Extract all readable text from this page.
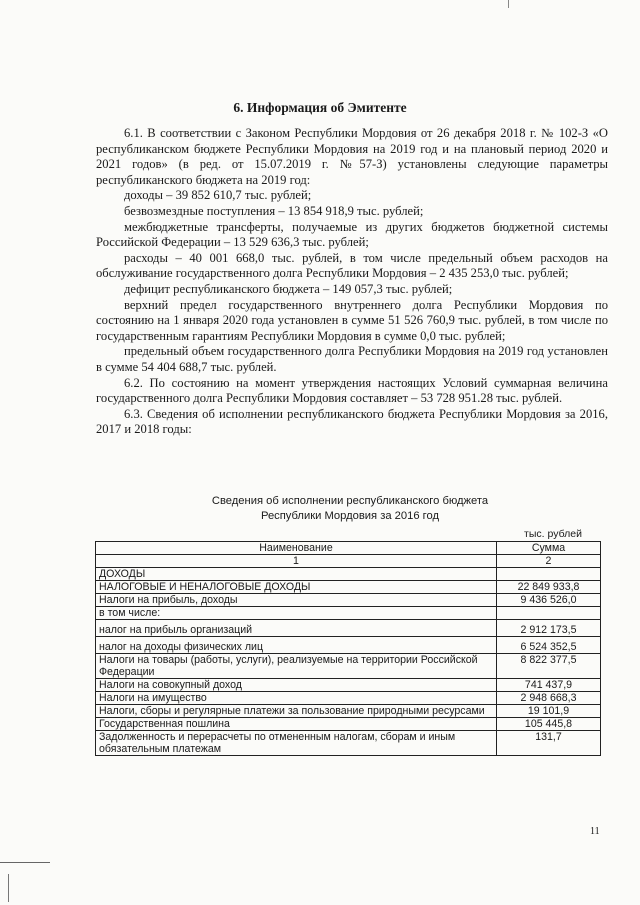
6. Информация об Эмитенте

6.1. В соответствии с Законом Республики Мордовия от 26 декабря 2018 г. № 102-З «О республиканском бюджете Республики Мордовия на 2019 год и на плановый период 2020 и 2021 годов» (в ред. от 15.07.2019 г. №57-З) установлены следующие параметры республиканского бюджета на 2019 год:

доходы – 39 852 610,7 тыс. рублей;

безвозмездные поступления – 13 854 918,9 тыс. рублей;

межбюджетные трансферты, получаемые из других бюджетов бюджетной системы Российской Федерации – 13 529 636,3 тыс. рублей;

расходы – 40 001 668,0 тыс. рублей, в том числе предельный объем расходов на обслуживание государственного долга Республики Мордовия – 2 435 253,0 тыс. рублей;

дефицит республиканского бюджета – 149 057,3 тыс. рублей;

верхний предел государственного внутреннего долга Республики Мордовия по состоянию на 1 января 2020 года установлен в сумме 51 526 760,9 тыс. рублей, в том числе по государственным гарантиям Республики Мордовия в сумме 0,0 тыс. рублей;

предельный объем государственного долга Республики Мордовия на 2019 год установлен в сумме 54 404 688,7 тыс. рублей.

6.2. По состоянию на момент утверждения настоящих Условий суммарная величина государственного долга Республики Мордовия составляет – 53 728 951.28 тыс. рублей.

6.3. Сведения об исполнении республиканского бюджета Республики Мордовия за 2016, 2017 и 2018 годы:

Сведения об исполнении республиканского бюджета
Республики Мордовия за 2016 год
тыс. рублей
Наименование	Сумма
1	2
ДОХОДЫ	
НАЛОГОВЫЕ И НЕНАЛОГОВЫЕ ДОХОДЫ	22 849 933,8
Налоги на прибыль, доходы	9 436 526,0
в том числе:	
налог на прибыль организаций	2 912 173,5
налог на доходы физических лиц	6 524 352,5
Налоги на товары (работы, услуги), реализуемые на территории Российской Федерации	8 822 377,5
Налоги на совокупный доход	741 437,9
Налоги на имущество	2 948 668,3
Налоги, сборы и регулярные платежи за пользование природными ресурсами	19 101,9
Государственная пошлина	105 445,8
Задолженность и перерасчеты по отмененным налогам, сборам и иным обязательным платежам	131,7
11
